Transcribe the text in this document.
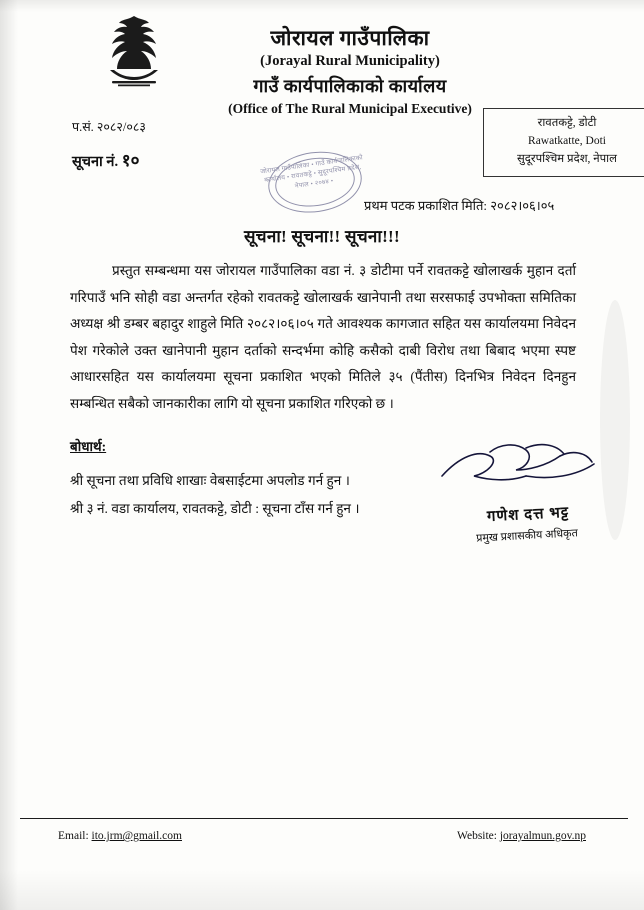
जोरायल गाउँपालिका
(Jorayal Rural Municipality)
गाउँ कार्यपालिकाको कार्यालय
(Office of The Rural Municipal Executive)
रावतकट्टे, डोटी
Rawatkatte, Doti
सुदूरपश्चिम प्रदेश, नेपाल
प.सं. २०८२/०८३
सूचना नं. १०	जोरायल गाउँपालिका • गाउँ कार्यपालिकाको कार्यालय • रावतकट्टे • सुदूरपश्चिम प्रदेश, नेपाल • २०७४ •
प्रथम पटक प्रकाशित मिति: २०८२।०६।०५
सूचना! सूचना!! सूचना!!!
प्रस्तुत सम्बन्धमा यस जोरायल गाउँपालिका वडा नं. ३ डोटीमा पर्ने रावतकट्टे खोलाखर्क मुहान दर्ता गरिपाउँ भनि सोही वडा अन्तर्गत रहेको रावतकट्टे खोलाखर्क खानेपानी तथा सरसफाई उपभोक्ता समितिका अध्यक्ष श्री डम्बर बहादुर शाहुले मिति २०८२।०६।०५ गते आवश्यक कागजात सहित यस कार्यालयमा निवेदन पेश गरेकोले उक्त खानेपानी मुहान दर्ताको सन्दर्भमा कोहि कसैको दाबी विरोध तथा बिबाद भएमा स्पष्ट आधारसहित यस कार्यालयमा सूचना प्रकाशित भएको मितिले ३५ (पैंतीस) दिनभित्र निवेदन दिनहुन सम्बन्धित सबैको जानकारीका लागि यो सूचना प्रकाशित गरिएको छ ।
बोधार्थ:
श्री सूचना तथा प्रविधि शाखाः वेबसाईटमा अपलोड गर्न हुन ।
श्री ३ नं. वडा कार्यालय, रावतकट्टे, डोटी : सूचना टाँस गर्न हुन ।	गणेश दत्त भट्ट
प्रमुख प्रशासकीय अधिकृत
Email: ito.jrm@gmail.com	Website: jorayalmun.gov.np
